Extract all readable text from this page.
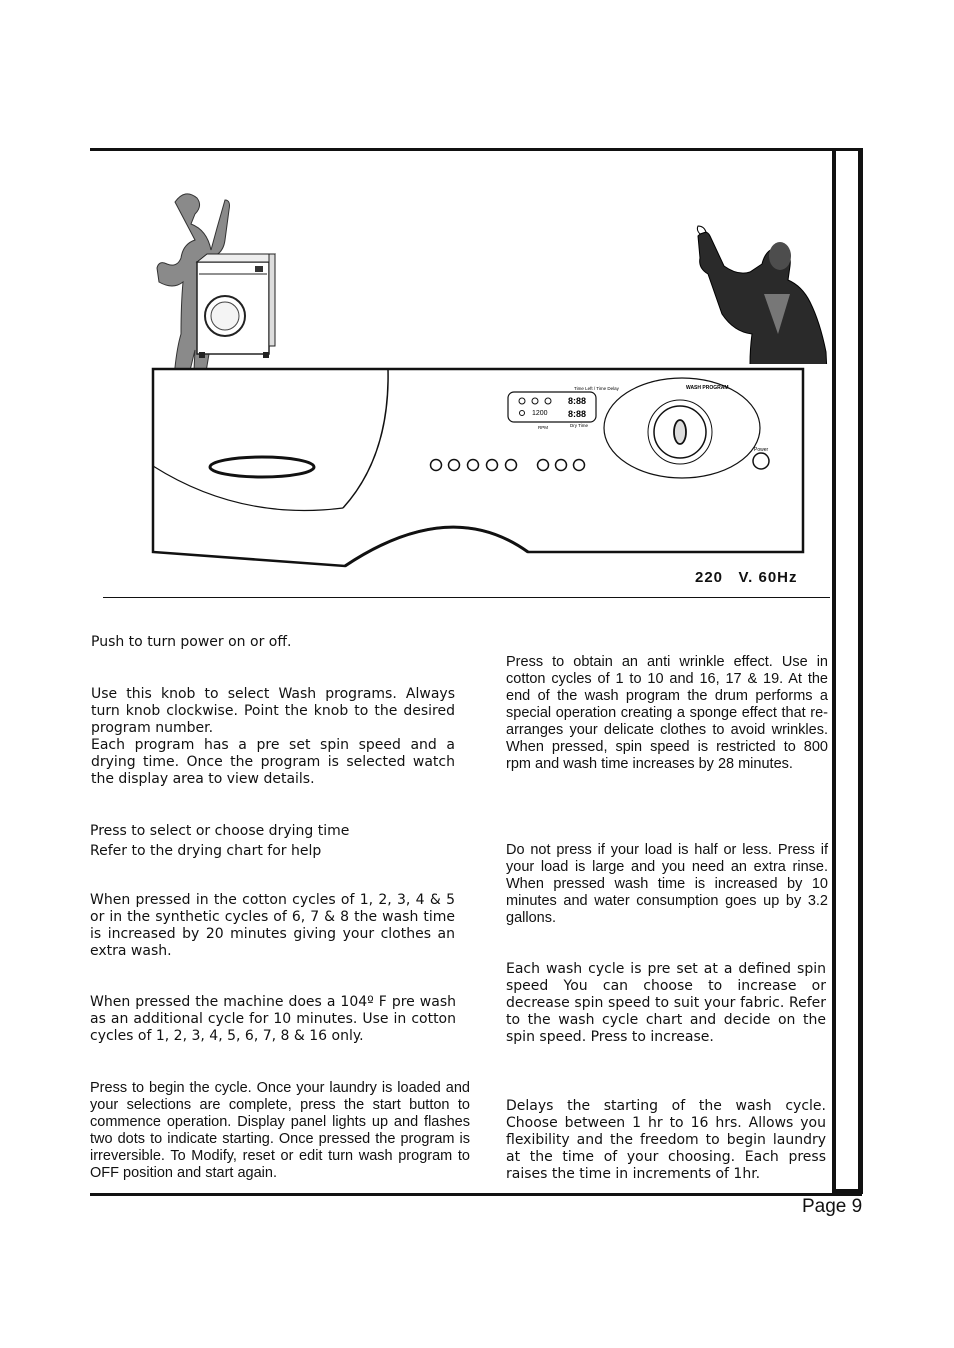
Time Left / Time Delay
RPM	Dry Time
8:88
8:88
1200
WASH PROGRAM
Power
220   V. 60Hz

Push to turn power on or off.

Use this knob to select Wash programs. Always turn knob clockwise. Point the knob to the desired program number.

Each program has a pre set spin speed and a drying time. Once the program is selected watch the display area to view details.

Press to select or choose drying time

Refer to the drying chart for help

When pressed in the cotton cycles of 1, 2, 3, 4 & 5 or in the synthetic cycles of 6, 7 & 8 the wash time is increased by 20 minutes giving your clothes an extra wash.

When pressed the machine does a 104º F pre wash as an additional cycle for 10 minutes. Use in cotton cycles of 1, 2, 3, 4, 5, 6, 7, 8 & 16 only.

Press to begin the cycle. Once your laundry is loaded and your selections are complete, press the start button to commence operation. Display panel lights up and flashes two dots to indicate starting. Once pressed the program is irreversible. To Modify, reset or edit turn wash program to OFF position and start again.

Press to obtain an anti wrinkle effect. Use in cotton cycles of 1 to 10 and 16, 17 & 19. At the end of the wash program the drum performs a special operation creating a sponge effect that re- arranges your delicate clothes to avoid wrinkles. When pressed, spin speed is restricted to 800 rpm and wash time increases by 28 minutes.

Do not press if your load is half or less. Press if your load is large and you need an extra rinse. When pressed wash time is increased by 10 minutes and water consumption goes up by 3.2 gallons.

Each wash cycle is pre set at a defined spin speed You can choose to increase or decrease spin speed to suit your fabric. Refer to the wash cycle chart and decide on the spin speed. Press to increase.

Delays the starting of the wash cycle. Choose between 1 hr to 16 hrs. Allows you flexibility and the freedom to begin laundry at the time of your choosing. Each press raises the time in increments of 1hr.

Page 9
